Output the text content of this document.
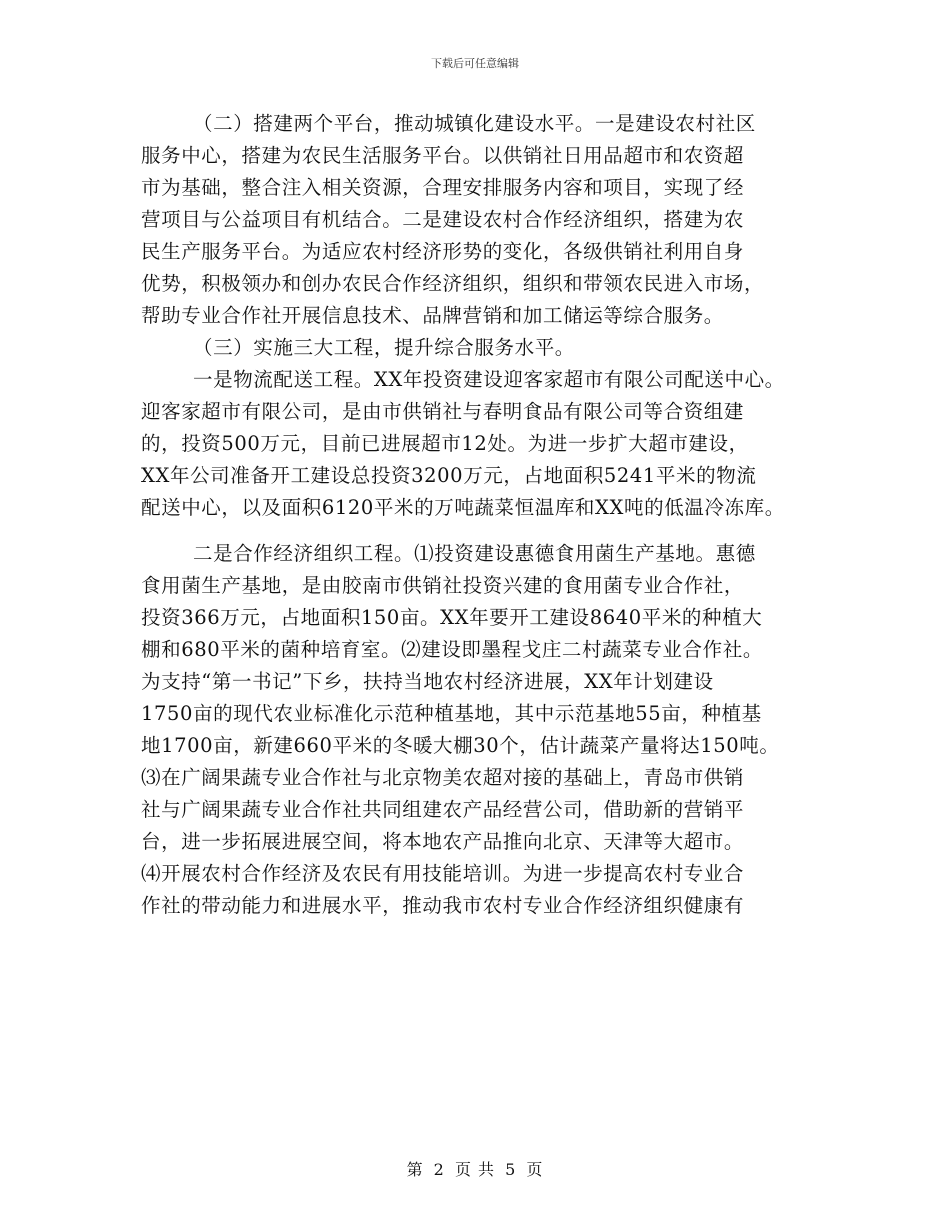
下载后可任意编辑
（二）搭建两个平台，推动城镇化建设水平。一是建设农村社区
服务中心，搭建为农民生活服务平台。以供销社日用品超市和农资超
市为基础，整合注入相关资源，合理安排服务内容和项目，实现了经
营项目与公益项目有机结合。二是建设农村合作经济组织，搭建为农
民生产服务平台。为适应农村经济形势的变化，各级供销社利用自身
优势，积极领办和创办农民合作经济组织，组织和带领农民进入市场，
帮助专业合作社开展信息技术、品牌营销和加工储运等综合服务。
（三）实施三大工程，提升综合服务水平。
一是物流配送工程。XX年投资建设迎客家超市有限公司配送中心。
迎客家超市有限公司，是由市供销社与春明食品有限公司等合资组建
的，投资500万元，目前已进展超市12处。为进一步扩大超市建设，
XX年公司准备开工建设总投资3200万元，占地面积5241平米的物流
配送中心，以及面积6120平米的万吨蔬菜恒温库和XX吨的低温冷冻库。
二是合作经济组织工程。⑴投资建设惠德食用菌生产基地。惠德
食用菌生产基地，是由胶南市供销社投资兴建的食用菌专业合作社，
投资366万元，占地面积150亩。XX年要开工建设8640平米的种植大
棚和680平米的菌种培育室。⑵建设即墨程戈庄二村蔬菜专业合作社。
为支持“第一书记”下乡，扶持当地农村经济进展，XX年计划建设
1750亩的现代农业标准化示范种植基地，其中示范基地55亩，种植基
地1700亩，新建660平米的冬暖大棚30个，估计蔬菜产量将达150吨。
⑶在广阔果蔬专业合作社与北京物美农超对接的基础上，青岛市供销
社与广阔果蔬专业合作社共同组建农产品经营公司，借助新的营销平
台，进一步拓展进展空间，将本地农产品推向北京、天津等大超市。
⑷开展农村合作经济及农民有用技能培训。为进一步提高农村专业合
作社的带动能力和进展水平，推动我市农村专业合作经济组织健康有
第 2 页 共 5 页
